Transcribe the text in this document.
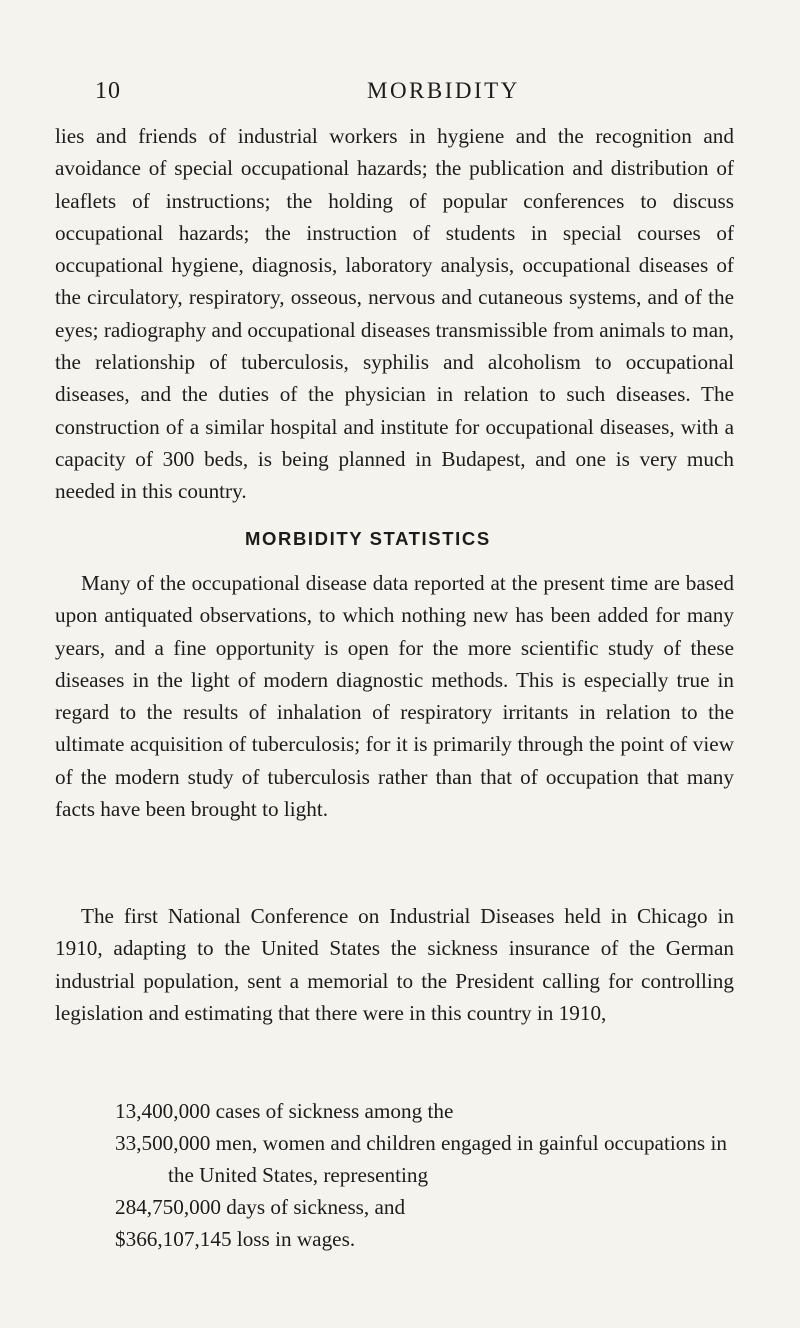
10	MORBIDITY

lies and friends of industrial workers in hygiene and the recognition and avoidance of special occupational hazards; the publication and distribution of leaflets of instructions; the holding of popular conferences to discuss occupational hazards; the instruction of students in special courses of occupational hygiene, diagnosis, laboratory analysis, occupational diseases of the circulatory, respiratory, osseous, nervous and cutaneous systems, and of the eyes; radiography and occupational diseases transmissible from animals to man, the relationship of tuberculosis, syphilis and alcoholism to occupational diseases, and the duties of the physician in relation to such diseases. The construction of a similar hospital and institute for occupational diseases, with a capacity of 300 beds, is being planned in Budapest, and one is very much needed in this country.

MORBIDITY STATISTICS

Many of the occupational disease data reported at the present time are based upon antiquated observations, to which nothing new has been added for many years, and a fine opportunity is open for the more scientific study of these diseases in the light of modern diagnostic methods. This is especially true in regard to the results of inhalation of respiratory irritants in relation to the ultimate acquisition of tuberculosis; for it is primarily through the point of view of the modern study of tuberculosis rather than that of occupation that many facts have been brought to light.

The first National Conference on Industrial Diseases held in Chicago in 1910, adapting to the United States the sickness insurance of the German industrial population, sent a memorial to the President calling for controlling legislation and estimating that there were in this country in 1910,

13,400,000 cases of sickness among the
33,500,000 men, women and children engaged in gainful occupations in the United States, representing
284,750,000 days of sickness, and
$366,107,145 loss in wages.
